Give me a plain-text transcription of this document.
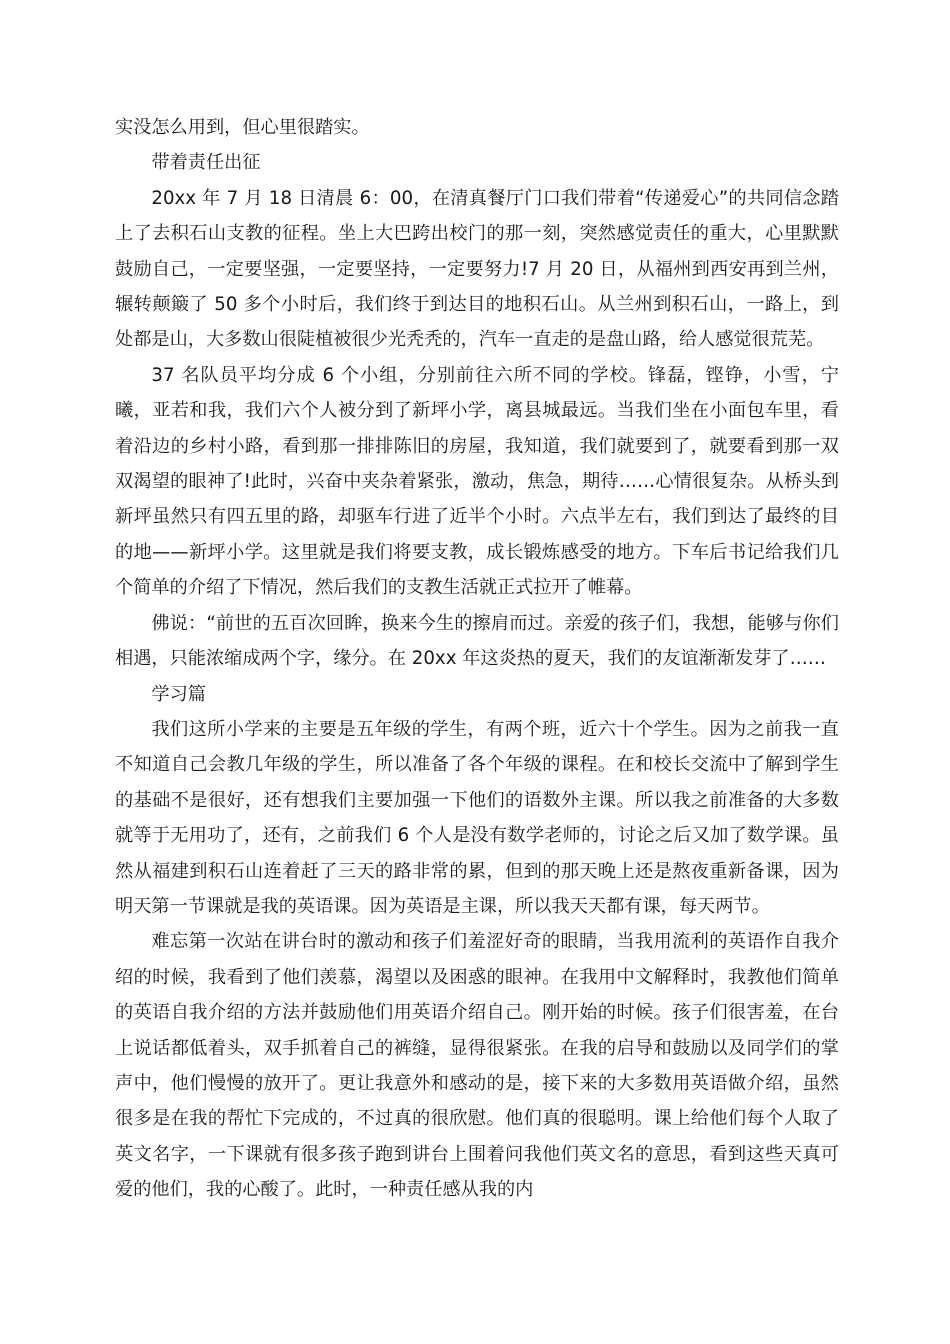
实没怎么用到，但心里很踏实。

带着责任出征

20xx 年 7 月 18 日清晨 6：00，在清真餐厅门口我们带着“传递爱心”的共同信念踏上了去积石山支教的征程。坐上大巴跨出校门的那一刻，突然感觉责任的重大，心里默默鼓励自己，一定要坚强，一定要坚持，一定要努力!7 月 20 日，从福州到西安再到兰州，辗转颠簸了 50 多个小时后，我们终于到达目的地积石山。从兰州到积石山，一路上，到处都是山，大多数山很陡植被很少光秃秃的，汽车一直走的是盘山路，给人感觉很荒芜。

37 名队员平均分成 6 个小组，分别前往六所不同的学校。锋磊，铿铮，小雪，宁曦，亚若和我，我们六个人被分到了新坪小学，离县城最远。当我们坐在小面包车里，看着沿边的乡村小路，看到那一排排陈旧的房屋，我知道，我们就要到了，就要看到那一双双渴望的眼神了!此时，兴奋中夹杂着紧张，激动，焦急，期待……心情很复杂。从桥头到新坪虽然只有四五里的路，却驱车行进了近半个小时。六点半左右，我们到达了最终的目的地——新坪小学。这里就是我们将要支教，成长锻炼感受的地方。下车后书记给我们几个简单的介绍了下情况，然后我们的支教生活就正式拉开了帷幕。

佛说：“前世的五百次回眸，换来今生的擦肩而过。亲爱的孩子们，我想，能够与你们相遇，只能浓缩成两个字，缘分。在 20xx 年这炎热的夏天，我们的友谊渐渐发芽了……

学习篇

我们这所小学来的主要是五年级的学生，有两个班，近六十个学生。因为之前我一直不知道自己会教几年级的学生，所以准备了各个年级的课程。在和校长交流中了解到学生的基础不是很好，还有想我们主要加强一下他们的语数外主课。所以我之前准备的大多数就等于无用功了，还有，之前我们 6 个人是没有数学老师的，讨论之后又加了数学课。虽然从福建到积石山连着赶了三天的路非常的累，但到的那天晚上还是熬夜重新备课，因为明天第一节课就是我的英语课。因为英语是主课，所以我天天都有课，每天两节。

难忘第一次站在讲台时的激动和孩子们羞涩好奇的眼睛，当我用流利的英语作自我介绍的时候，我看到了他们羡慕，渴望以及困惑的眼神。在我用中文解释时，我教他们简单的英语自我介绍的方法并鼓励他们用英语介绍自己。刚开始的时候。孩子们很害羞，在台上说话都低着头，双手抓着自己的裤缝，显得很紧张。在我的启导和鼓励以及同学们的掌声中，他们慢慢的放开了。更让我意外和感动的是，接下来的大多数用英语做介绍，虽然很多是在我的帮忙下完成的，不过真的很欣慰。他们真的很聪明。课上给他们每个人取了英文名字，一下课就有很多孩子跑到讲台上围着问我他们英文名的意思，看到这些天真可爱的他们，我的心酸了。此时，一种责任感从我的内
